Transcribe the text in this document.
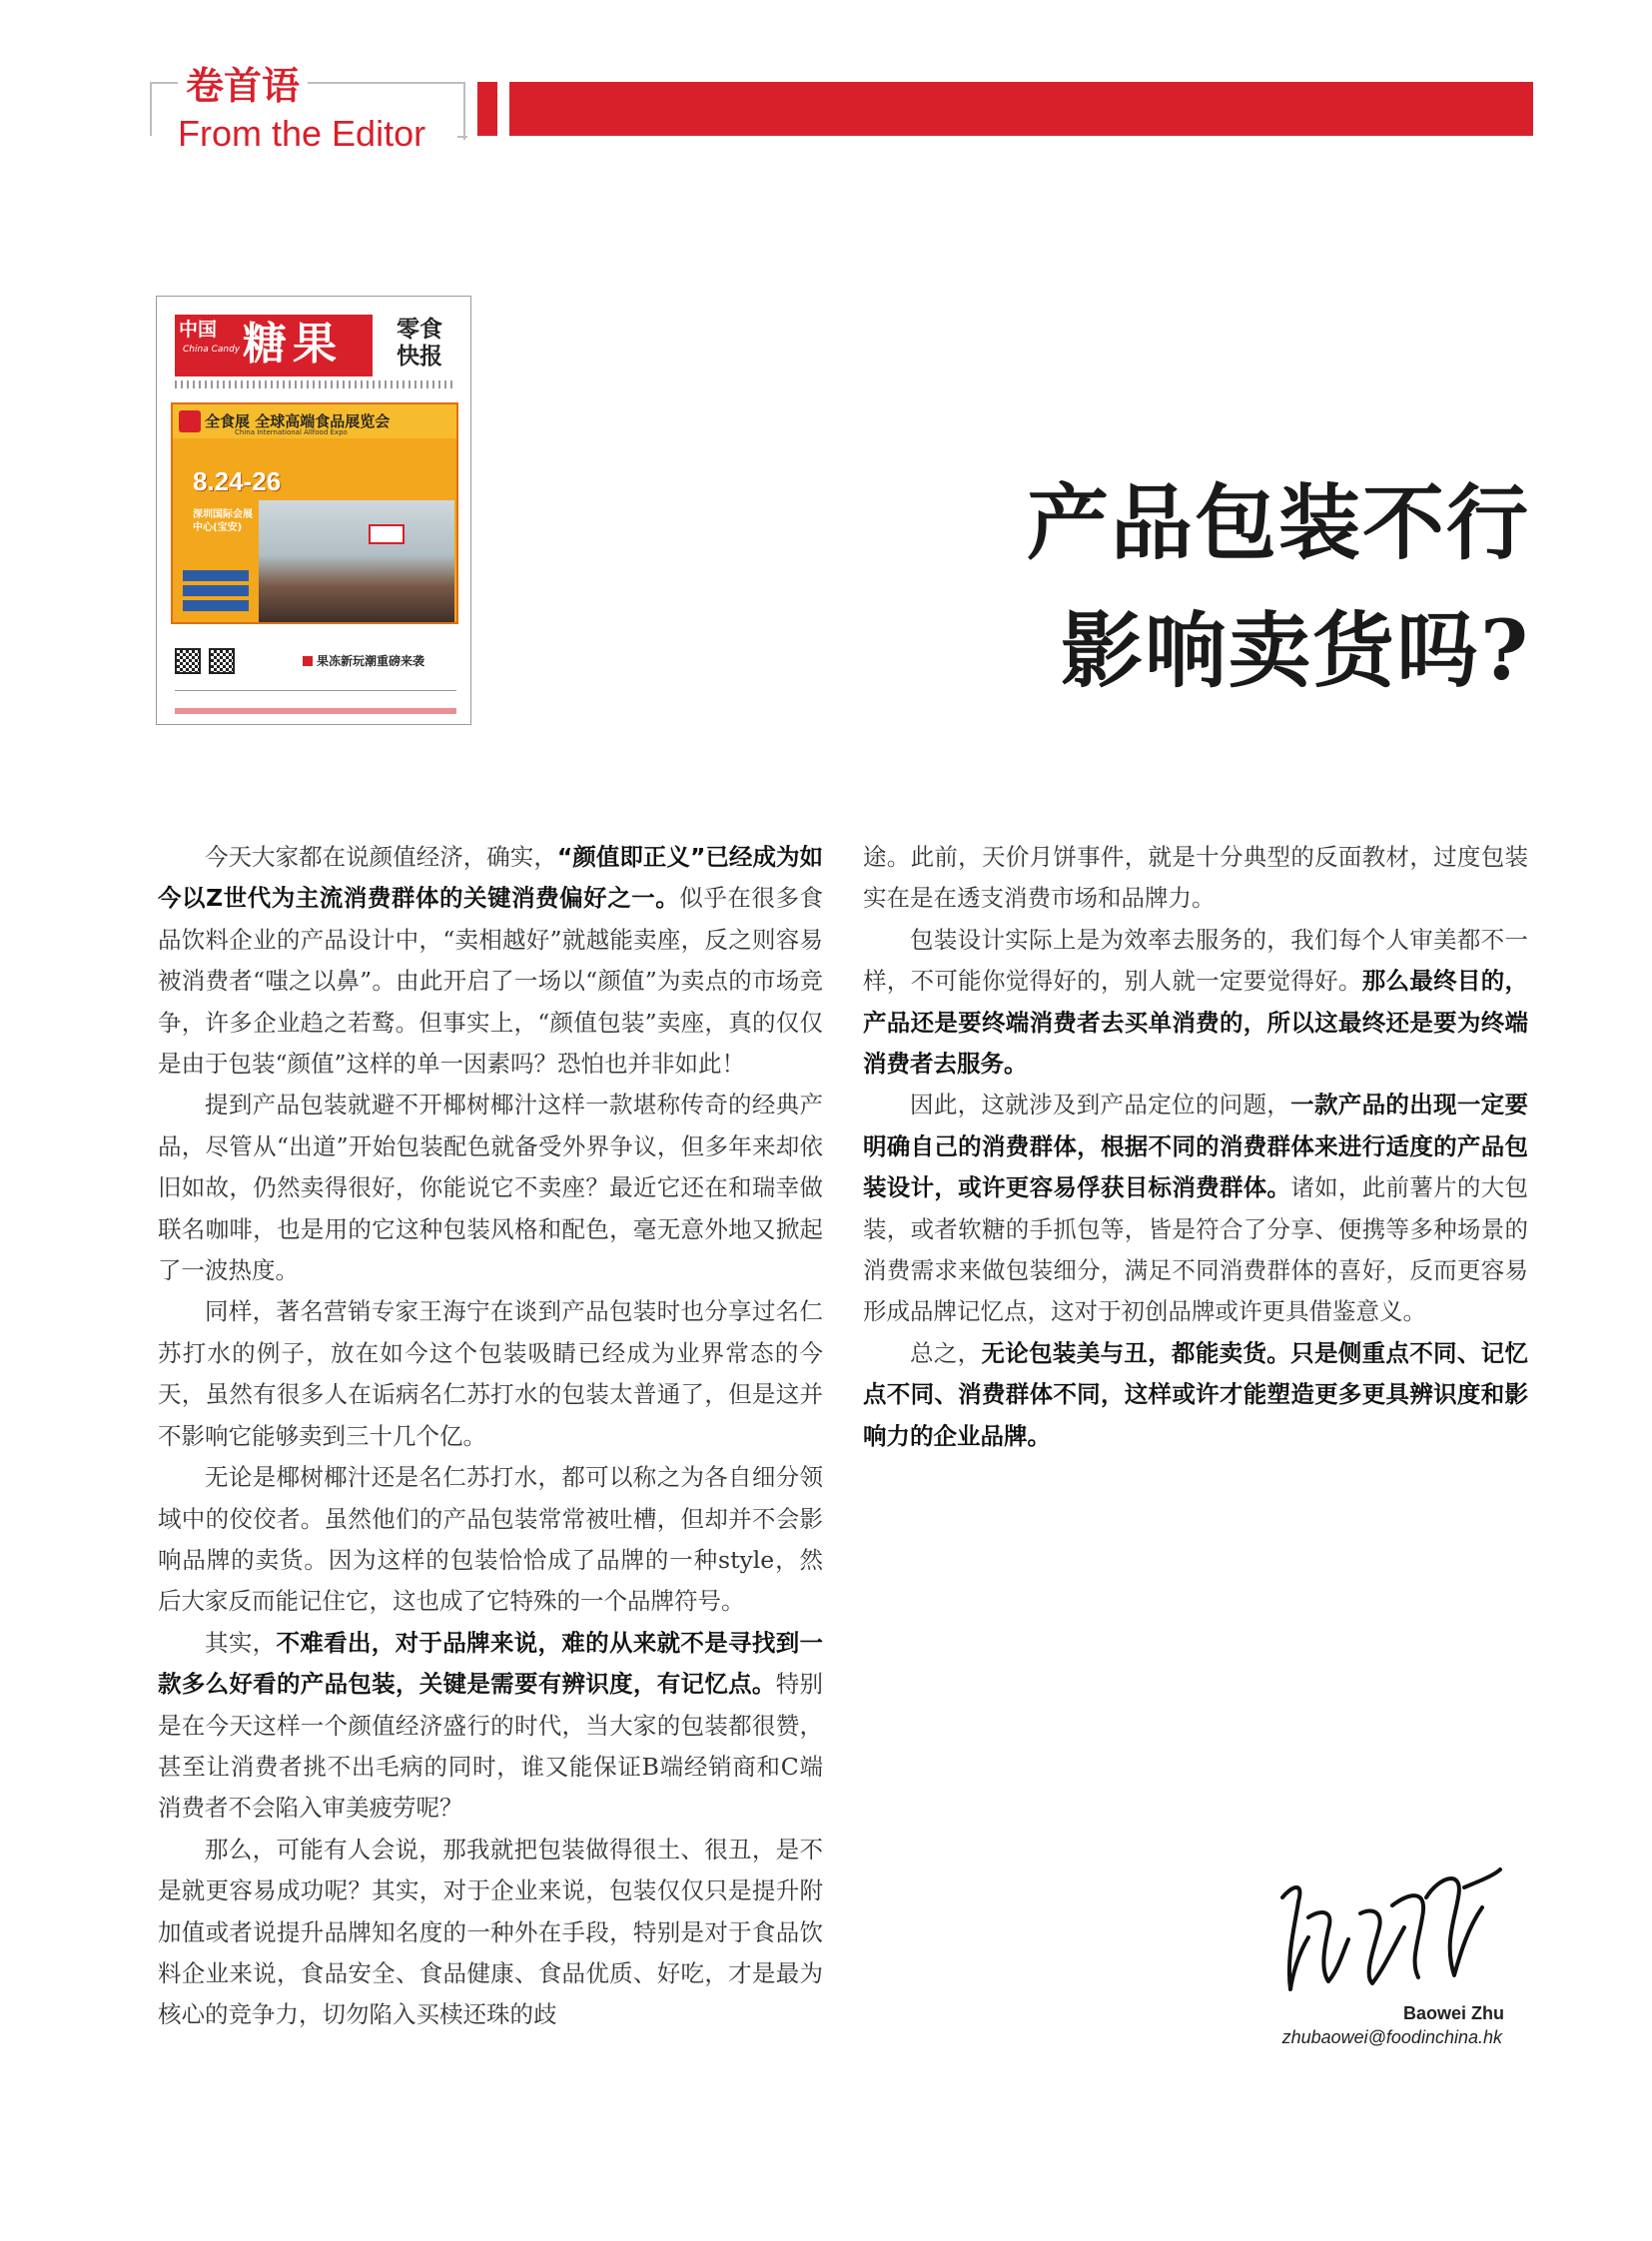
卷首语
From the Editor
中国
China Candy 糖果 零食快报
全食展 全球高端食品展览会
China International Allfood Expo
8.24-26
深圳国际会展中心(宝安)
果冻新玩潮重磅来袭
产品包装不行
影响卖货吗?

今天大家都在说颜值经济，确实，“颜值即正义”已经成为如今以Z世代为主流消费群体的关键消费偏好之一。似乎在很多食品饮料企业的产品设计中，“卖相越好”就越能卖座，反之则容易被消费者“嗤之以鼻”。由此开启了一场以“颜值”为卖点的市场竞争，许多企业趋之若鹜。但事实上，“颜值包装”卖座，真的仅仅是由于包装“颜值”这样的单一因素吗？恐怕也并非如此！

提到产品包装就避不开椰树椰汁这样一款堪称传奇的经典产品，尽管从“出道”开始包装配色就备受外界争议，但多年来却依旧如故，仍然卖得很好，你能说它不卖座？最近它还在和瑞幸做联名咖啡，也是用的它这种包装风格和配色，毫无意外地又掀起了一波热度。

同样，著名营销专家王海宁在谈到产品包装时也分享过名仁苏打水的例子，放在如今这个包装吸睛已经成为业界常态的今天，虽然有很多人在诟病名仁苏打水的包装太普通了，但是这并不影响它能够卖到三十几个亿。

无论是椰树椰汁还是名仁苏打水，都可以称之为各自细分领域中的佼佼者。虽然他们的产品包装常常被吐槽，但却并不会影响品牌的卖货。因为这样的包装恰恰成了品牌的一种style，然后大家反而能记住它，这也成了它特殊的一个品牌符号。

其实，不难看出，对于品牌来说，难的从来就不是寻找到一款多么好看的产品包装，关键是需要有辨识度，有记忆点。特别是在今天这样一个颜值经济盛行的时代，当大家的包装都很赞，甚至让消费者挑不出毛病的同时，谁又能保证B端经销商和C端消费者不会陷入审美疲劳呢？

那么，可能有人会说，那我就把包装做得很土、很丑，是不是就更容易成功呢？其实，对于企业来说，包装仅仅只是提升附加值或者说提升品牌知名度的一种外在手段，特别是对于食品饮料企业来说，食品安全、食品健康、食品优质、好吃，才是最为核心的竞争力，切勿陷入买椟还珠的歧

途。此前，天价月饼事件，就是十分典型的反面教材，过度包装实在是在透支消费市场和品牌力。

包装设计实际上是为效率去服务的，我们每个人审美都不一样，不可能你觉得好的，别人就一定要觉得好。那么最终目的，产品还是要终端消费者去买单消费的，所以这最终还是要为终端消费者去服务。

因此，这就涉及到产品定位的问题，一款产品的出现一定要明确自己的消费群体，根据不同的消费群体来进行适度的产品包装设计，或许更容易俘获目标消费群体。诸如，此前薯片的大包装，或者软糖的手抓包等，皆是符合了分享、便携等多种场景的消费需求来做包装细分，满足不同消费群体的喜好，反而更容易形成品牌记忆点，这对于初创品牌或许更具借鉴意义。

总之，无论包装美与丑，都能卖货。只是侧重点不同、记忆点不同、消费群体不同，这样或许才能塑造更多更具辨识度和影响力的企业品牌。

Baowei Zhu
zhubaowei@foodinchina.hk
